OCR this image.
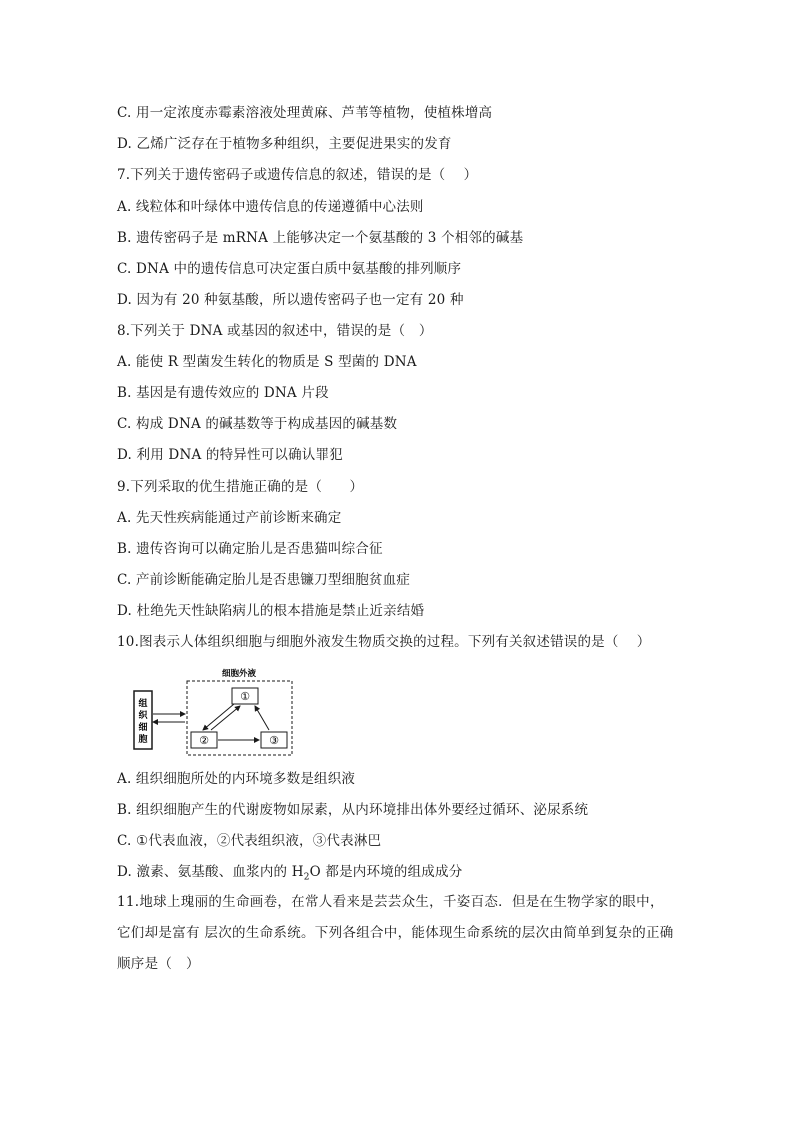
C. 用一定浓度赤霉素溶液处理黄麻、芦苇等植物，使植株增高
D. 乙烯广泛存在于植物多种组织，主要促进果实的发育
7.下列关于遗传密码子或遗传信息的叙述，错误的是（　 ）
A. 线粒体和叶绿体中遗传信息的传递遵循中心法则
B. 遗传密码子是 mRNA 上能够决定一个氨基酸的 3 个相邻的碱基
C. DNA 中的遗传信息可决定蛋白质中氨基酸的排列顺序
D. 因为有 20 种氨基酸，所以遗传密码子也一定有 20 种
8.下列关于 DNA 或基因的叙述中，错误的是（　）
A. 能使 R 型菌发生转化的物质是 S 型菌的 DNA
B. 基因是有遗传效应的 DNA 片段
C. 构成 DNA 的碱基数等于构成基因的碱基数
D. 利用 DNA 的特异性可以确认罪犯
9.下列采取的优生措施正确的是（　　）
A. 先天性疾病能通过产前诊断来确定
B. 遗传咨询可以确定胎儿是否患猫叫综合征
C. 产前诊断能确定胎儿是否患镰刀型细胞贫血症
D. 杜绝先天性缺陷病儿的根本措施是禁止近亲结婚
10.图表示人体组织细胞与细胞外液发生物质交换的过程。下列有关叙述错误的是（　 ）
细胞外液
组
织
细
胞
①
②	③
A. 组织细胞所处的内环境多数是组织液
B. 组织细胞产生的代谢废物如尿素，从内环境排出体外要经过循环、泌尿系统
C. ①代表血液，②代表组织液，③代表淋巴
D. 激素、氨基酸、血浆内的 $H_2O$ 都是内环境的组成成分
11.地球上瑰丽的生命画卷，在常人看来是芸芸众生，千姿百态．但是在生物学家的眼中，它们却是富有 层次的生命系统。下列各组合中，能体现生命系统的层次由简单到复杂的正确顺序是（　）
